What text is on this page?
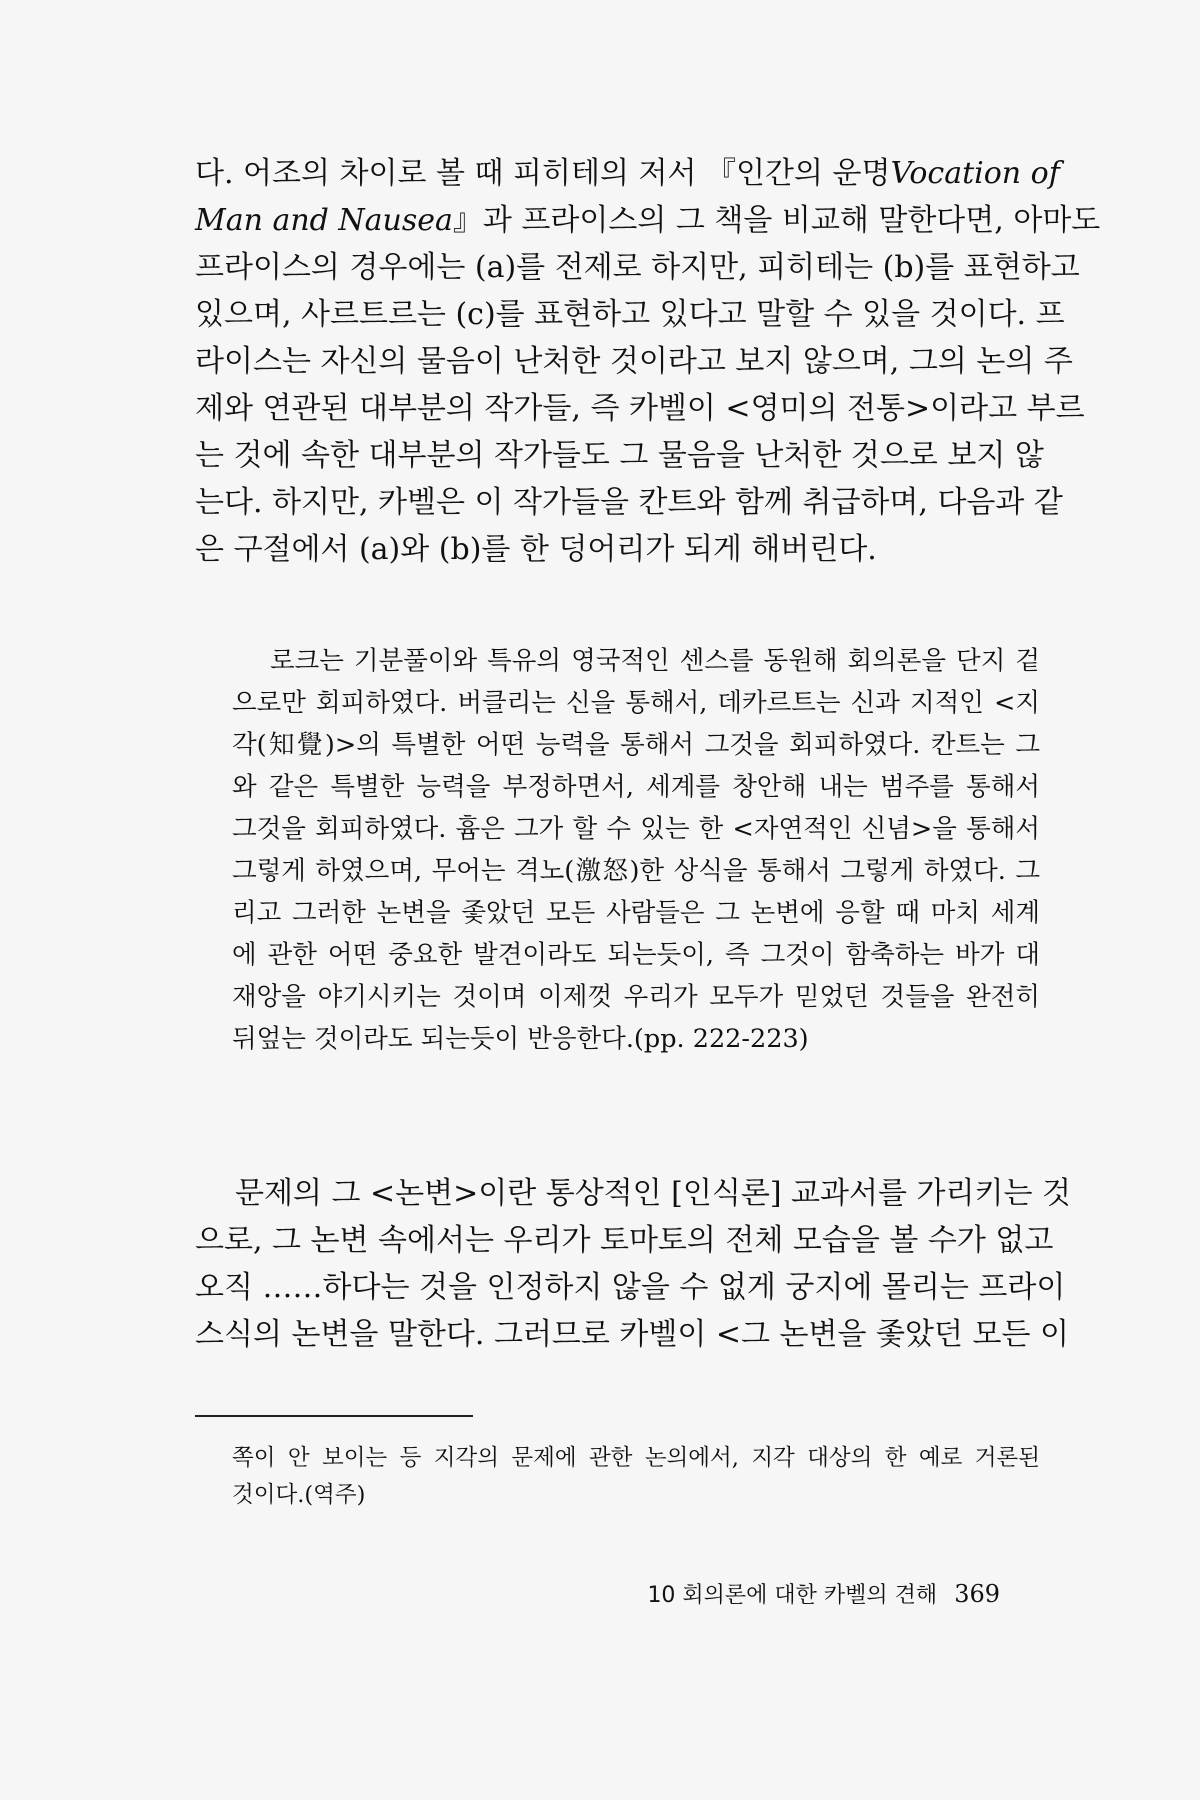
다. 어조의 차이로 볼 때 피히테의 저서 『인간의 운명Vocation of
Man and Nausea』과 프라이스의 그 책을 비교해 말한다면, 아마도
프라이스의 경우에는 (a)를 전제로 하지만, 피히테는 (b)를 표현하고
있으며, 사르트르는 (c)를 표현하고 있다고 말할 수 있을 것이다. 프
라이스는 자신의 물음이 난처한 것이라고 보지 않으며, 그의 논의 주
제와 연관된 대부분의 작가들, 즉 카벨이 <영미의 전통>이라고 부르
는 것에 속한 대부분의 작가들도 그 물음을 난처한 것으로 보지 않
는다. 하지만, 카벨은 이 작가들을 칸트와 함께 취급하며, 다음과 같
은 구절에서 (a)와 (b)를 한 덩어리가 되게 해버린다.
로크는 기분풀이와 특유의 영국적인 센스를 동원해 회의론을 단지 겉
으로만 회피하였다. 버클리는 신을 통해서, 데카르트는 신과 지적인 <지
각(知覺)>의 특별한 어떤 능력을 통해서 그것을 회피하였다. 칸트는 그
와 같은 특별한 능력을 부정하면서, 세계를 창안해 내는 범주를 통해서
그것을 회피하였다. 흄은 그가 할 수 있는 한 <자연적인 신념>을 통해서
그렇게 하였으며, 무어는 격노(激怒)한 상식을 통해서 그렇게 하였다. 그
리고 그러한 논변을 좇았던 모든 사람들은 그 논변에 응할 때 마치 세계
에 관한 어떤 중요한 발견이라도 되는듯이, 즉 그것이 함축하는 바가 대
재앙을 야기시키는 것이며 이제껏 우리가 모두가 믿었던 것들을 완전히
뒤엎는 것이라도 되는듯이 반응한다.(pp. 222-223)
문제의 그 <논변>이란 통상적인 [인식론] 교과서를 가리키는 것
으로, 그 논변 속에서는 우리가 토마토의 전체 모습을 볼 수가 없고
오직 ……하다는 것을 인정하지 않을 수 없게 궁지에 몰리는 프라이
스식의 논변을 말한다. 그러므로 카벨이 <그 논변을 좇았던 모든 이
쪽이 안 보이는 등 지각의 문제에 관한 논의에서, 지각 대상의 한 예로 거론된
것이다.(역주)
10 회의론에 대한 카벨의 견해 369
